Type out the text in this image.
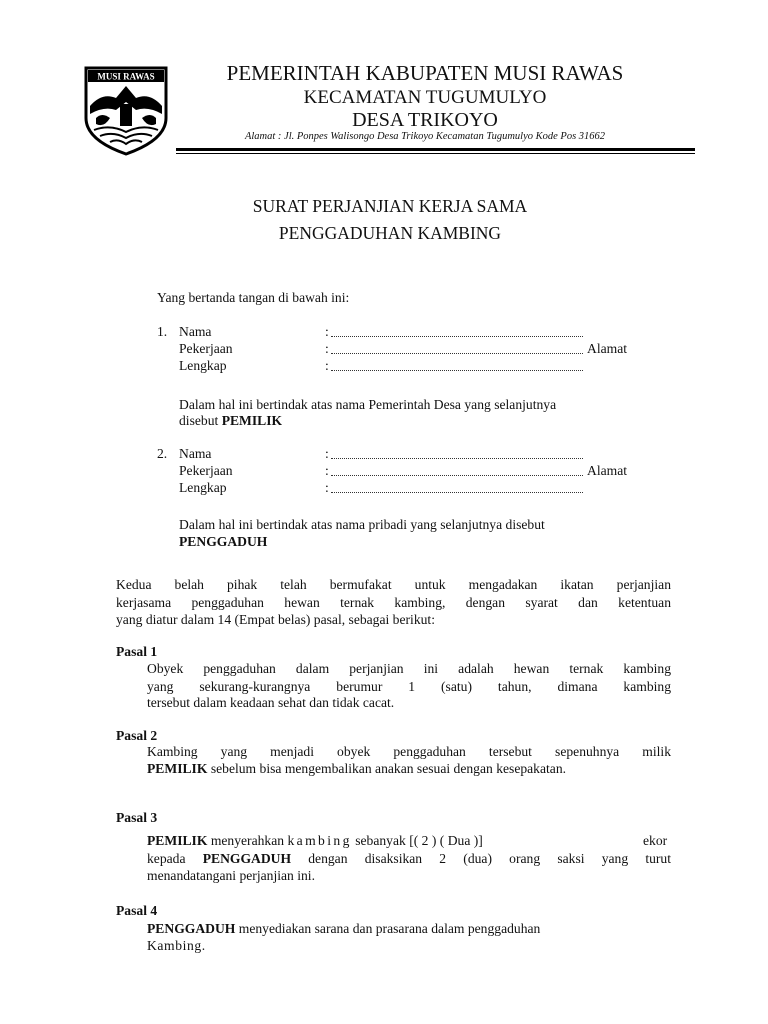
MUSI RAWAS	PEMERINTAH KABUPATEN MUSI RAWAS
KECAMATAN TUGUMULYO
DESA TRIKOYO
Alamat : Jl. Ponpes Walisongo Desa Trikoyo Kecamatan Tugumulyo Kode Pos 31662
SURAT PERJANJIAN KERJA SAMA
PENGGADUHAN KAMBING
Yang bertanda tangan di bawah ini:
1. Nama
Pekerjaan
Lengkap
:
:
:
Alamat
Dalam hal ini bertindak atas nama Pemerintah Desa yang selanjutnya
disebut PEMILIK
2. Nama
Pekerjaan
Lengkap
:
:
:
Alamat
Dalam hal ini bertindak atas nama pribadi yang selanjutnya disebut
PENGGADUH
Kedua belah pihak telah bermufakat untuk mengadakan ikatan perjanjian
kerjasama penggaduhan hewan ternak kambing, dengan syarat dan ketentuan
yang diatur dalam 14 (Empat belas) pasal, sebagai berikut:
Pasal 1
Obyek penggaduhan dalam perjanjian ini adalah hewan ternak kambing
yang sekurang-kurangnya berumur 1 (satu) tahun, dimana kambing
tersebut dalam keadaan sehat dan tidak cacat.
Pasal 2
Kambing yang menjadi obyek penggaduhan tersebut sepenuhnya milik
PEMILIK sebelum bisa mengembalikan anakan sesuai dengan kesepakatan.
Pasal 3
PEMILIK menyerahkan kambing sebanyak [( 2 ) ( Dua )]	ekor
kepada PENGGADUH dengan disaksikan 2 (dua) orang saksi yang turut
menandatangani perjanjian ini.
Pasal 4
PENGGADUH menyediakan sarana dan prasarana dalam penggaduhan
Kambing.
